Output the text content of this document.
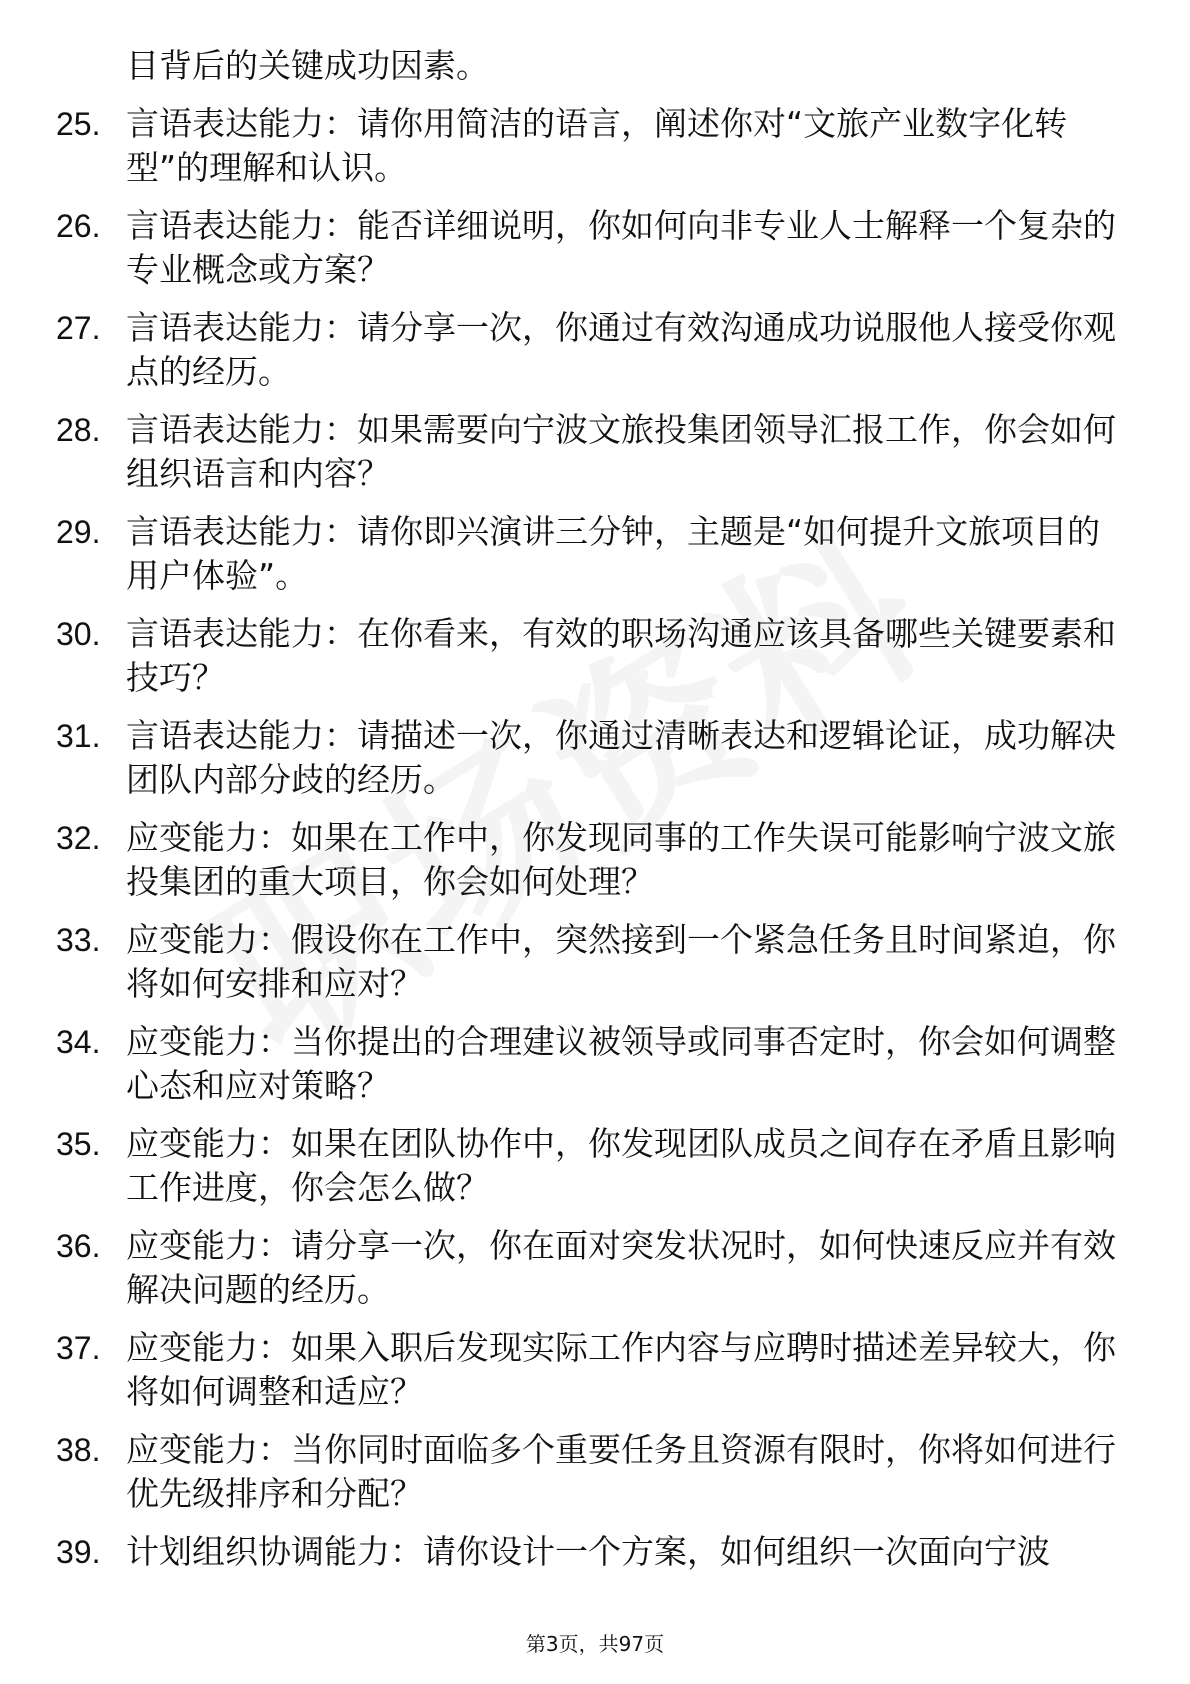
目背后的关键成功因素。
25. 言语表达能力：请你用简洁的语言，阐述你对“文旅产业数字化转型”的理解和认识。
26. 言语表达能力：能否详细说明，你如何向非专业人士解释一个复杂的专业概念或方案？
27. 言语表达能力：请分享一次，你通过有效沟通成功说服他人接受你观点的经历。
28. 言语表达能力：如果需要向宁波文旅投集团领导汇报工作，你会如何组织语言和内容？
29. 言语表达能力：请你即兴演讲三分钟，主题是“如何提升文旅项目的用户体验”。
30. 言语表达能力：在你看来，有效的职场沟通应该具备哪些关键要素和技巧？
31. 言语表达能力：请描述一次，你通过清晰表达和逻辑论证，成功解决团队内部分歧的经历。
32. 应变能力：如果在工作中，你发现同事的工作失误可能影响宁波文旅投集团的重大项目，你会如何处理？
33. 应变能力：假设你在工作中，突然接到一个紧急任务且时间紧迫，你将如何安排和应对？
34. 应变能力：当你提出的合理建议被领导或同事否定时，你会如何调整心态和应对策略？
35. 应变能力：如果在团队协作中，你发现团队成员之间存在矛盾且影响工作进度，你会怎么做？
36. 应变能力：请分享一次，你在面对突发状况时，如何快速反应并有效解决问题的经历。
37. 应变能力：如果入职后发现实际工作内容与应聘时描述差异较大，你将如何调整和适应？
38. 应变能力：当你同时面临多个重要任务且资源有限时，你将如何进行优先级排序和分配？
39. 计划组织协调能力：请你设计一个方案，如何组织一次面向宁波
第3页，共97页
